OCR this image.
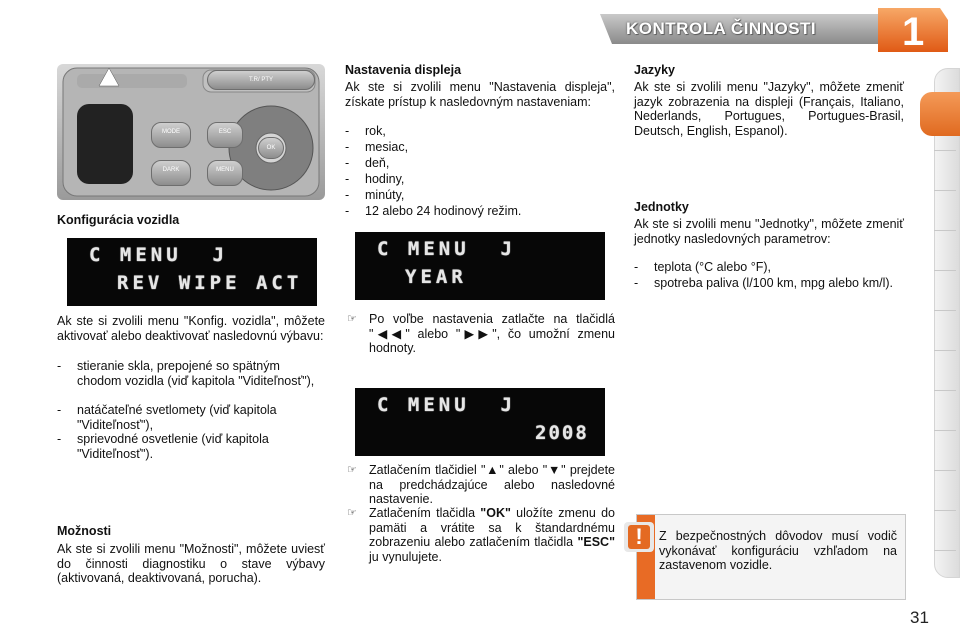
KONTROLA ČINNOSTI 1
T.R/ PTY
MODE
DARK
ESC
MENU
OK
Konfigurácia vozidla
C MENU  J
REV WIPE ACT
Ak ste si zvolili menu "Konfig. vozidla", môžete aktivovať alebo deaktivovať nasledovnú výbavu:
- stieranie skla, prepojené so spätným chodom vozidla (viď kapitola "Viditeľnosť"),
- natáčateľné svetlomety (viď kapitola "Viditeľnosť"),
- sprievodné osvetlenie (viď kapitola "Viditeľnosť").
Možnosti
Ak ste si zvolili menu "Možnosti", môžete uviesť do činnosti diagnostiku o stave výbavy (aktivovaná, deaktivovaná, porucha).
Nastavenia displeja
Ak ste si zvolili menu "Nastavenia displeja", získate prístup k nasledovným nastaveniam:
- rok,
- mesiac,
- deň,
- hodiny,
- minúty,
- 12 alebo 24 hodinový režim.
C MENU  J
YEAR
☞ Po voľbe nastavenia zatlačte na tlačidlá "◀◀" alebo "▶▶", čo umožní zmenu hodnoty.
C MENU  J
2008
☞ Zatlačením tlačidiel "▲" alebo "▼" prejdete na predchádzajúce alebo nasledovné nastavenie.
☞ Zatlačením tlačidla "OK" uložíte zmenu do pamäti a vrátite sa k štandardnému zobrazeniu alebo zatlačením tlačidla "ESC" ju vynulujete.
Jazyky
Ak ste si zvolili menu "Jazyky", môžete zmeniť jazyk zobrazenia na displeji (Français, Italiano, Nederlands, Portugues, Portugues-Brasil, Deutsch, English, Espanol).
Jednotky
Ak ste si zvolili menu "Jednotky", môžete zmeniť jednotky nasledovných parametrov:
- teplota (°C alebo °F),
- spotreba paliva (l/100 km, mpg alebo km/l).
Z bezpečnostných dôvodov musí vodič vykonávať konfiguráciu vzhľadom na zastavenom vozidle.
!
31
